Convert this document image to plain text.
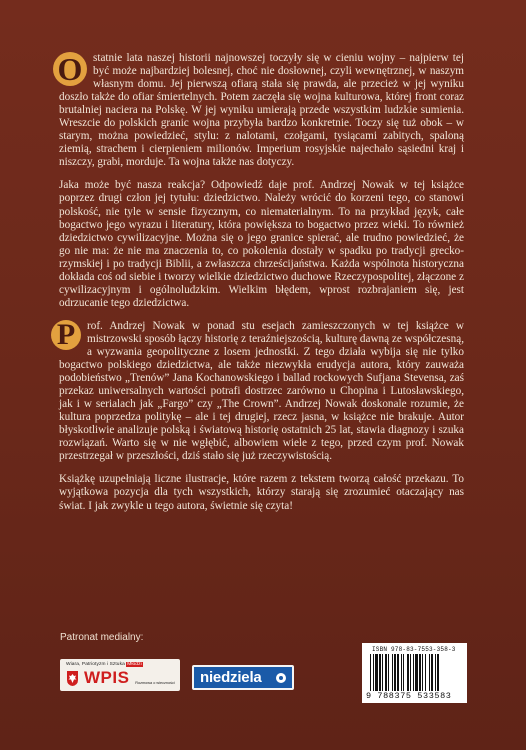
O statnie lata naszej historii najnowszej toczyły się w cieniu wojny – najpierw tej być może najbardziej bolesnej, choć nie dosłownej, czyli wewnętrznej, w naszym własnym domu. Jej pierwszą ofiarą stała się prawda, ale przecież w jej wyniku doszło także do ofiar śmiertelnych. Potem zaczęła się wojna kulturowa, której front coraz brutalniej naciera na Polskę. W jej wyniku umierają przede wszystkim ludzkie sumienia. Wreszcie do polskich granic wojna przybyła bardzo konkretnie. Toczy się tuż obok – w starym, można powiedzieć, stylu: z nalotami, czołgami, tysiącami zabitych, spaloną ziemią, strachem i cierpieniem milionów. Imperium rosyjskie najechało sąsiedni kraj i niszczy, grabi, morduje. Ta wojna także nas dotyczy.

Jaka może być nasza reakcja? Odpowiedź daje prof. Andrzej Nowak w tej książce poprzez drugi człon jej tytułu: dziedzictwo. Należy wrócić do korzeni tego, co stanowi polskość, nie tyle w sensie fizycznym, co niematerialnym. To na przykład język, całe bogactwo jego wyrazu i literatury, która powiększa to bogactwo przez wieki. To również dziedzictwo cywilizacyjne. Można się o jego granice spierać, ale trudno powiedzieć, że go nie ma: że nie ma znaczenia to, co pokolenia dostały w spadku po tradycji grecko-rzymskiej i po tradycji Biblii, a zwłaszcza chrześcijaństwa. Każda wspólnota historyczna dokłada coś od siebie i tworzy wielkie dziedzictwo duchowe Rzeczypospolitej, złączone z cywilizacyjnym i ogólnoludzkim. Wielkim błędem, wprost rozbrajaniem się, jest odrzucanie tego dziedzictwa.

P	rof. Andrzej Nowak w ponad stu esejach zamieszczonych w tej książce w mistrzowski sposób łączy historię z teraźniejszością, kulturę dawną ze współczesną, a wyzwania geopolityczne z losem jednostki. Z tego działa wybija się nie tylko bogactwo polskiego dziedzictwa, ale także niezwykła erudycja autora, który zauważa podobieństwo „Trenów” Jana Kochanowskiego i ballad rockowych Sufjana Stevensa, zaś przekaz uniwersalnych wartości potrafi dostrzec zarówno u Chopina i Lutosławskiego, jak i w serialach jak „Fargo” czy „The Crown”. Andrzej Nowak doskonale rozumie, że kultura poprzedza politykę – ale i tej drugiej, rzecz jasna, w książce nie brakuje. Autor błyskotliwie analizuje polską i światową historię ostatnich 25 lat, stawia diagnozy i szuka rozwiązań. Warto się w nie wgłębić, albowiem wiele z tego, przed czym prof. Nowak przestrzegał w przeszłości, dziś stało się już rzeczywistością.

Książkę uzupełniają liczne ilustracje, które razem z tekstem tworzą całość przekazu. To wyjątkowa pozycja dla tych wszystkich, którzy starają się zrozumieć otaczający nas świat. I jak zwykle u tego autora, świetnie się czyta!

Patronat medialny:
Wiara, Patriotyzm i Sztuka Młodzi
WPIS	Rozmowa o wieczności niedziela
ISBN 978-83-7553-358-3
9 788375 533583
